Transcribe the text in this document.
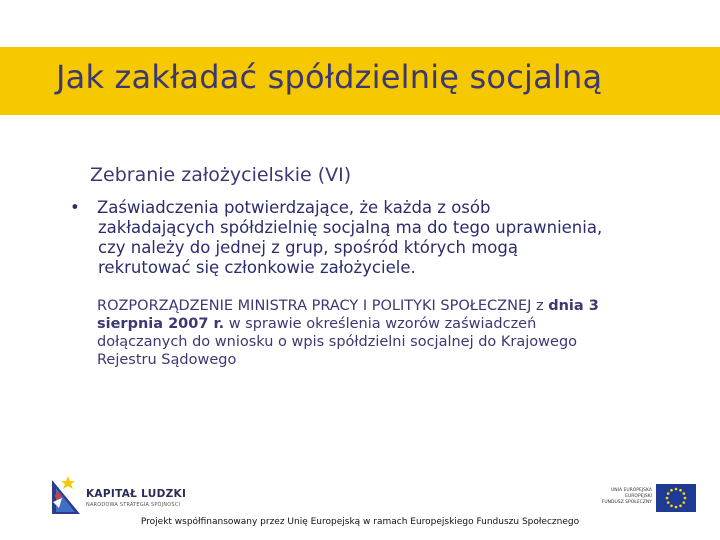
Jak zakładać spółdzielnię socjalną
Zebranie założycielskie (VI)
• Zaświadczenia potwierdzające, że każda z osób
zakładających spółdzielnię socjalną ma do tego uprawnienia,
czy należy do jednej z grup, spośród których mogą
rekrutować się członkowie założyciele.
ROZPORZĄDZENIE MINISTRA PRACY I POLITYKI SPOŁECZNEJ z dnia 3
sierpnia 2007 r. w sprawie określenia wzorów zaświadczeń
dołączanych do wniosku o wpis spółdzielni socjalnej do Krajowego
Rejestru Sądowego
KAPITAŁ LUDZKI
NARODOWA STRATEGIA SPÓJNOŚCI
UNIA EUROPEJSKA
EUROPEJSKI
FUNDUSZ SPOŁECZNY
Projekt współfinansowany przez Unię Europejską w ramach Europejskiego Funduszu Społecznego
